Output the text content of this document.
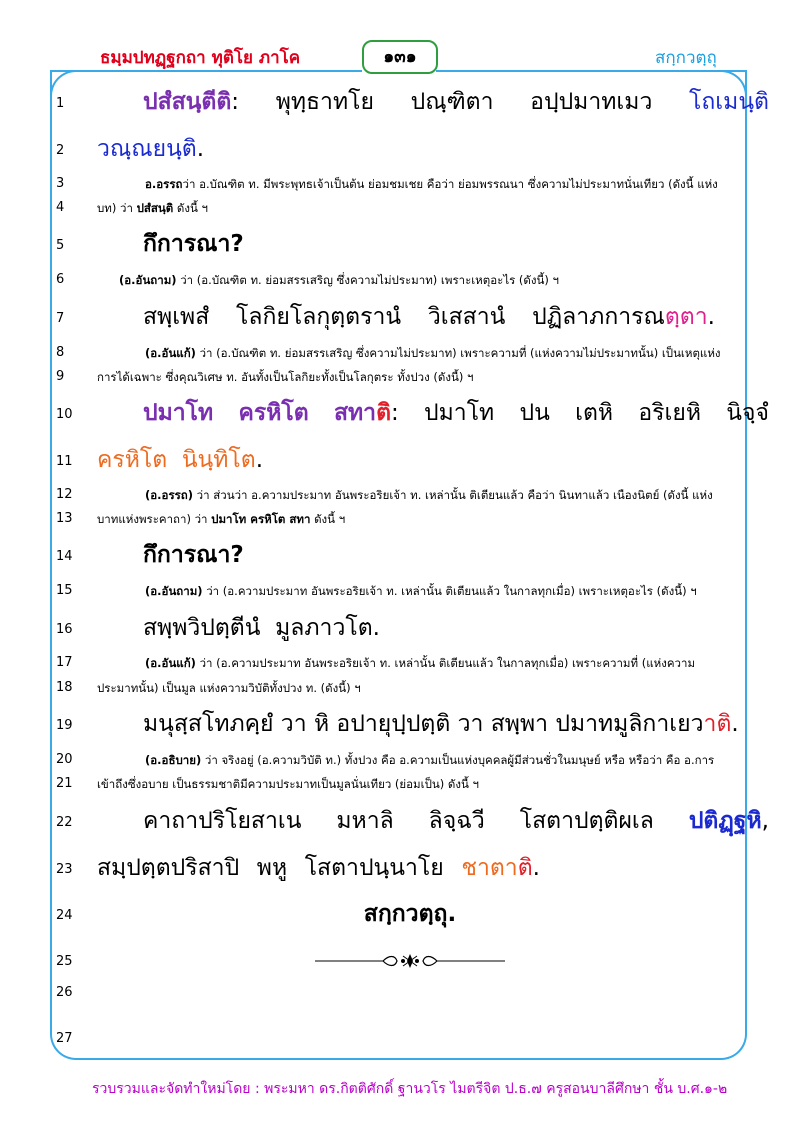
ธมฺมปทฏฺฐกถา ทุติโย ภาโค	๑๓๑	สกฺกวตฺถุ
1
2
3
4
5
6
7
8
9
10
11
12
13
14
15
16
17
18
19
20
21
22
23
24
25
26
27
ปสํสนฺตีติ: พุทฺธาทโย ปณฺฑิตา อปฺปมาทเมว โถเมนฺติ
วณฺณยนฺติ.
อ.อรรถว่า อ.บัณฑิต ท. มีพระพุทธเจ้าเป็นต้น ย่อมชมเชย คือว่า ย่อมพรรณนา ซึ่งความไม่ประมาทนั่นเทียว (ดังนี้ แห่ง
บท) ว่า ปสํสนฺติ ดังนี้ ฯ
กึการณา?
(อ.อันถาม) ว่า (อ.บัณฑิต ท. ย่อมสรรเสริญ ซึ่งความไม่ประมาท) เพราะเหตุอะไร (ดังนี้) ฯ
สพฺเพสํ โลกิยโลกุตฺตรานํ วิเสสานํ ปฏิลาภการณตฺตา.
(อ.อันแก้) ว่า (อ.บัณฑิต ท. ย่อมสรรเสริญ ซึ่งความไม่ประมาท) เพราะความที่ (แห่งความไม่ประมาทนั้น) เป็นเหตุแห่ง
การได้เฉพาะ ซึ่งคุณวิเศษ ท. อันทั้งเป็นโลกิยะทั้งเป็นโลกุตระ ทั้งปวง (ดังนี้) ฯ
ปมาโท ครหิโต สทาติ: ปมาโท ปน เตหิ อริเยหิ นิจฺจํ
ครหิโต นินฺทิโต.
(อ.อรรถ) ว่า ส่วนว่า อ.ความประมาท อันพระอริยเจ้า ท. เหล่านั้น ติเตียนแล้ว คือว่า นินทาแล้ว เนืองนิตย์ (ดังนี้ แห่ง
บาทแห่งพระคาถา) ว่า ปมาโท ครหิโต สทา ดังนี้ ฯ
กึการณา?
(อ.อันถาม) ว่า (อ.ความประมาท อันพระอริยเจ้า ท. เหล่านั้น ติเตียนแล้ว ในกาลทุกเมื่อ) เพราะเหตุอะไร (ดังนี้) ฯ
สพฺพวิปตฺตีนํ มูลภาวโต.
(อ.อันแก้) ว่า (อ.ความประมาท อันพระอริยเจ้า ท. เหล่านั้น ติเตียนแล้ว ในกาลทุกเมื่อ) เพราะความที่ (แห่งความ
ประมาทนั้น) เป็นมูล แห่งความวิบัติทั้งปวง ท. (ดังนี้) ฯ
มนุสฺสโทภคฺยํ วา หิ อปายุปฺปตฺติ วา สพฺพา ปมาทมูลิกาเยวาติ.
(อ.อธิบาย) ว่า จริงอยู่ (อ.ความวิบัติ ท.) ทั้งปวง คือ อ.ความเป็นแห่งบุคคลผู้มีส่วนชั่วในมนุษย์ หรือ หรือว่า คือ อ.การ
เข้าถึงซึ่งอบาย เป็นธรรมชาติมีความประมาทเป็นมูลนั่นเทียว (ย่อมเป็น) ดังนี้ ฯ
คาถาปริโยสาเน มหาลิ ลิจฺฉวี โสตาปตฺติผเล ปติฏฺฐหิ,
สมฺปตฺตปริสาปิ พหู โสตาปนฺนาโย ชาตาติ.
สกฺกวตฺถุ.
รวบรวมและจัดทำใหม่โดย : พระมหา ดร.กิตติศักดิ์ ฐานวโร ไมตรีจิต ป.ธ.๗ ครูสอนบาลีศึกษา ชั้น บ.ศ.๑-๒
